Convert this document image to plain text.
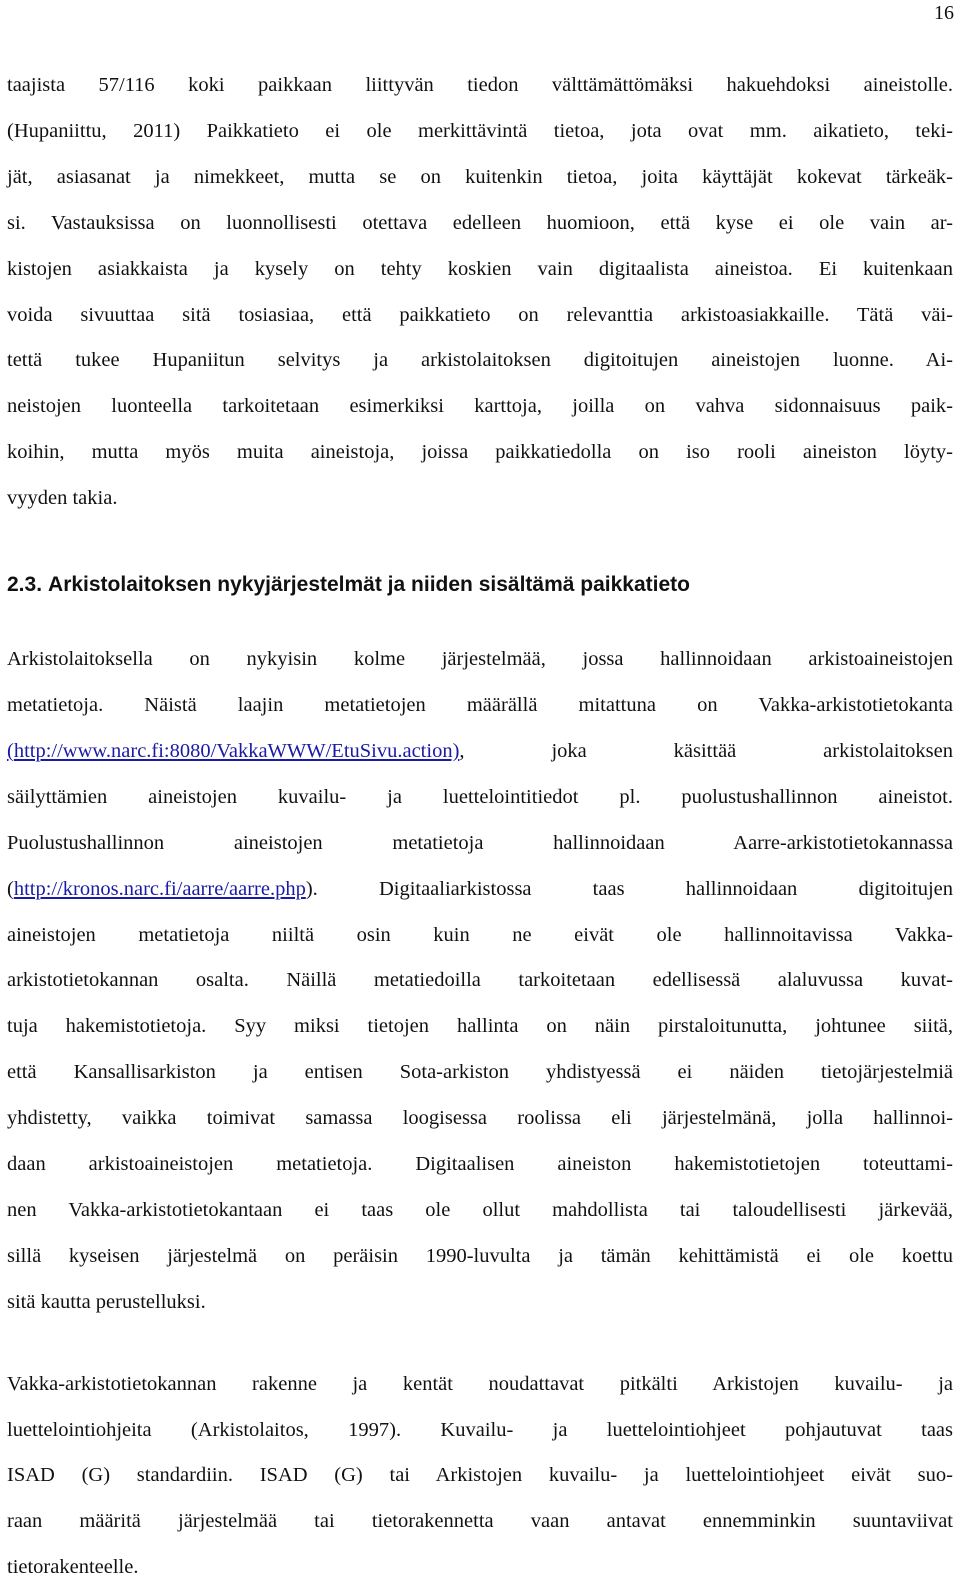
16

taajista 57/116 koki paikkaan liittyvän tiedon välttämättömäksi hakuehdoksi aineistolle.
(Hupaniittu, 2011) Paikkatieto ei ole merkittävintä tietoa, jota ovat mm. aikatieto, teki-
jät, asiasanat ja nimekkeet, mutta se on kuitenkin tietoa, joita käyttäjät kokevat tärkeäk-
si. Vastauksissa on luonnollisesti otettava edelleen huomioon, että kyse ei ole vain ar-
kistojen asiakkaista ja kysely on tehty koskien vain digitaalista aineistoa. Ei kuitenkaan
voida sivuuttaa sitä tosiasiaa, että paikkatieto on relevanttia arkistoasiakkaille. Tätä väi-
tettä tukee Hupaniitun selvitys ja arkistolaitoksen digitoitujen aineistojen luonne. Ai-
neistojen luonteella tarkoitetaan esimerkiksi karttoja, joilla on vahva sidonnaisuus paik-
koihin, mutta myös muita aineistoja, joissa paikkatiedolla on iso rooli aineiston löyty-
vyyden takia.

2.3. Arkistolaitoksen nykyjärjestelmät ja niiden sisältämä paikkatieto

Arkistolaitoksella on nykyisin kolme järjestelmää, jossa hallinnoidaan arkistoaineistojen
metatietoja. Näistä laajin metatietojen määrällä mitattuna on Vakka-arkistotietokanta
(http://www.narc.fi:8080/VakkaWWW/EtuSivu.action), joka käsittää arkistolaitoksen
säilyttämien aineistojen kuvailu- ja luettelointitiedot pl. puolustushallinnon aineistot.
Puolustushallinnon aineistojen metatietoja hallinnoidaan Aarre-arkistotietokannassa
(http://kronos.narc.fi/aarre/aarre.php). Digitaaliarkistossa taas hallinnoidaan digitoitujen
aineistojen metatietoja niiltä osin kuin ne eivät ole hallinnoitavissa Vakka-
arkistotietokannan osalta. Näillä metatiedoilla tarkoitetaan edellisessä alaluvussa kuvat-
tuja hakemistotietoja. Syy miksi tietojen hallinta on näin pirstaloitunutta, johtunee siitä,
että Kansallisarkiston ja entisen Sota-arkiston yhdistyessä ei näiden tietojärjestelmiä
yhdistetty, vaikka toimivat samassa loogisessa roolissa eli järjestelmänä, jolla hallinnoi-
daan arkistoaineistojen metatietoja. Digitaalisen aineiston hakemistotietojen toteuttami-
nen Vakka-arkistotietokantaan ei taas ole ollut mahdollista tai taloudellisesti järkevää,
sillä kyseisen järjestelmä on peräisin 1990-luvulta ja tämän kehittämistä ei ole koettu
sitä kautta perustelluksi.

Vakka-arkistotietokannan rakenne ja kentät noudattavat pitkälti Arkistojen kuvailu- ja
luettelointiohjeita (Arkistolaitos, 1997). Kuvailu- ja luettelointiohjeet pohjautuvat taas
ISAD (G) standardiin. ISAD (G) tai Arkistojen kuvailu- ja luettelointiohjeet eivät suo-
raan määritä järjestelmää tai tietorakennetta vaan antavat ennemminkin suuntaviivat
tietorakenteelle.
